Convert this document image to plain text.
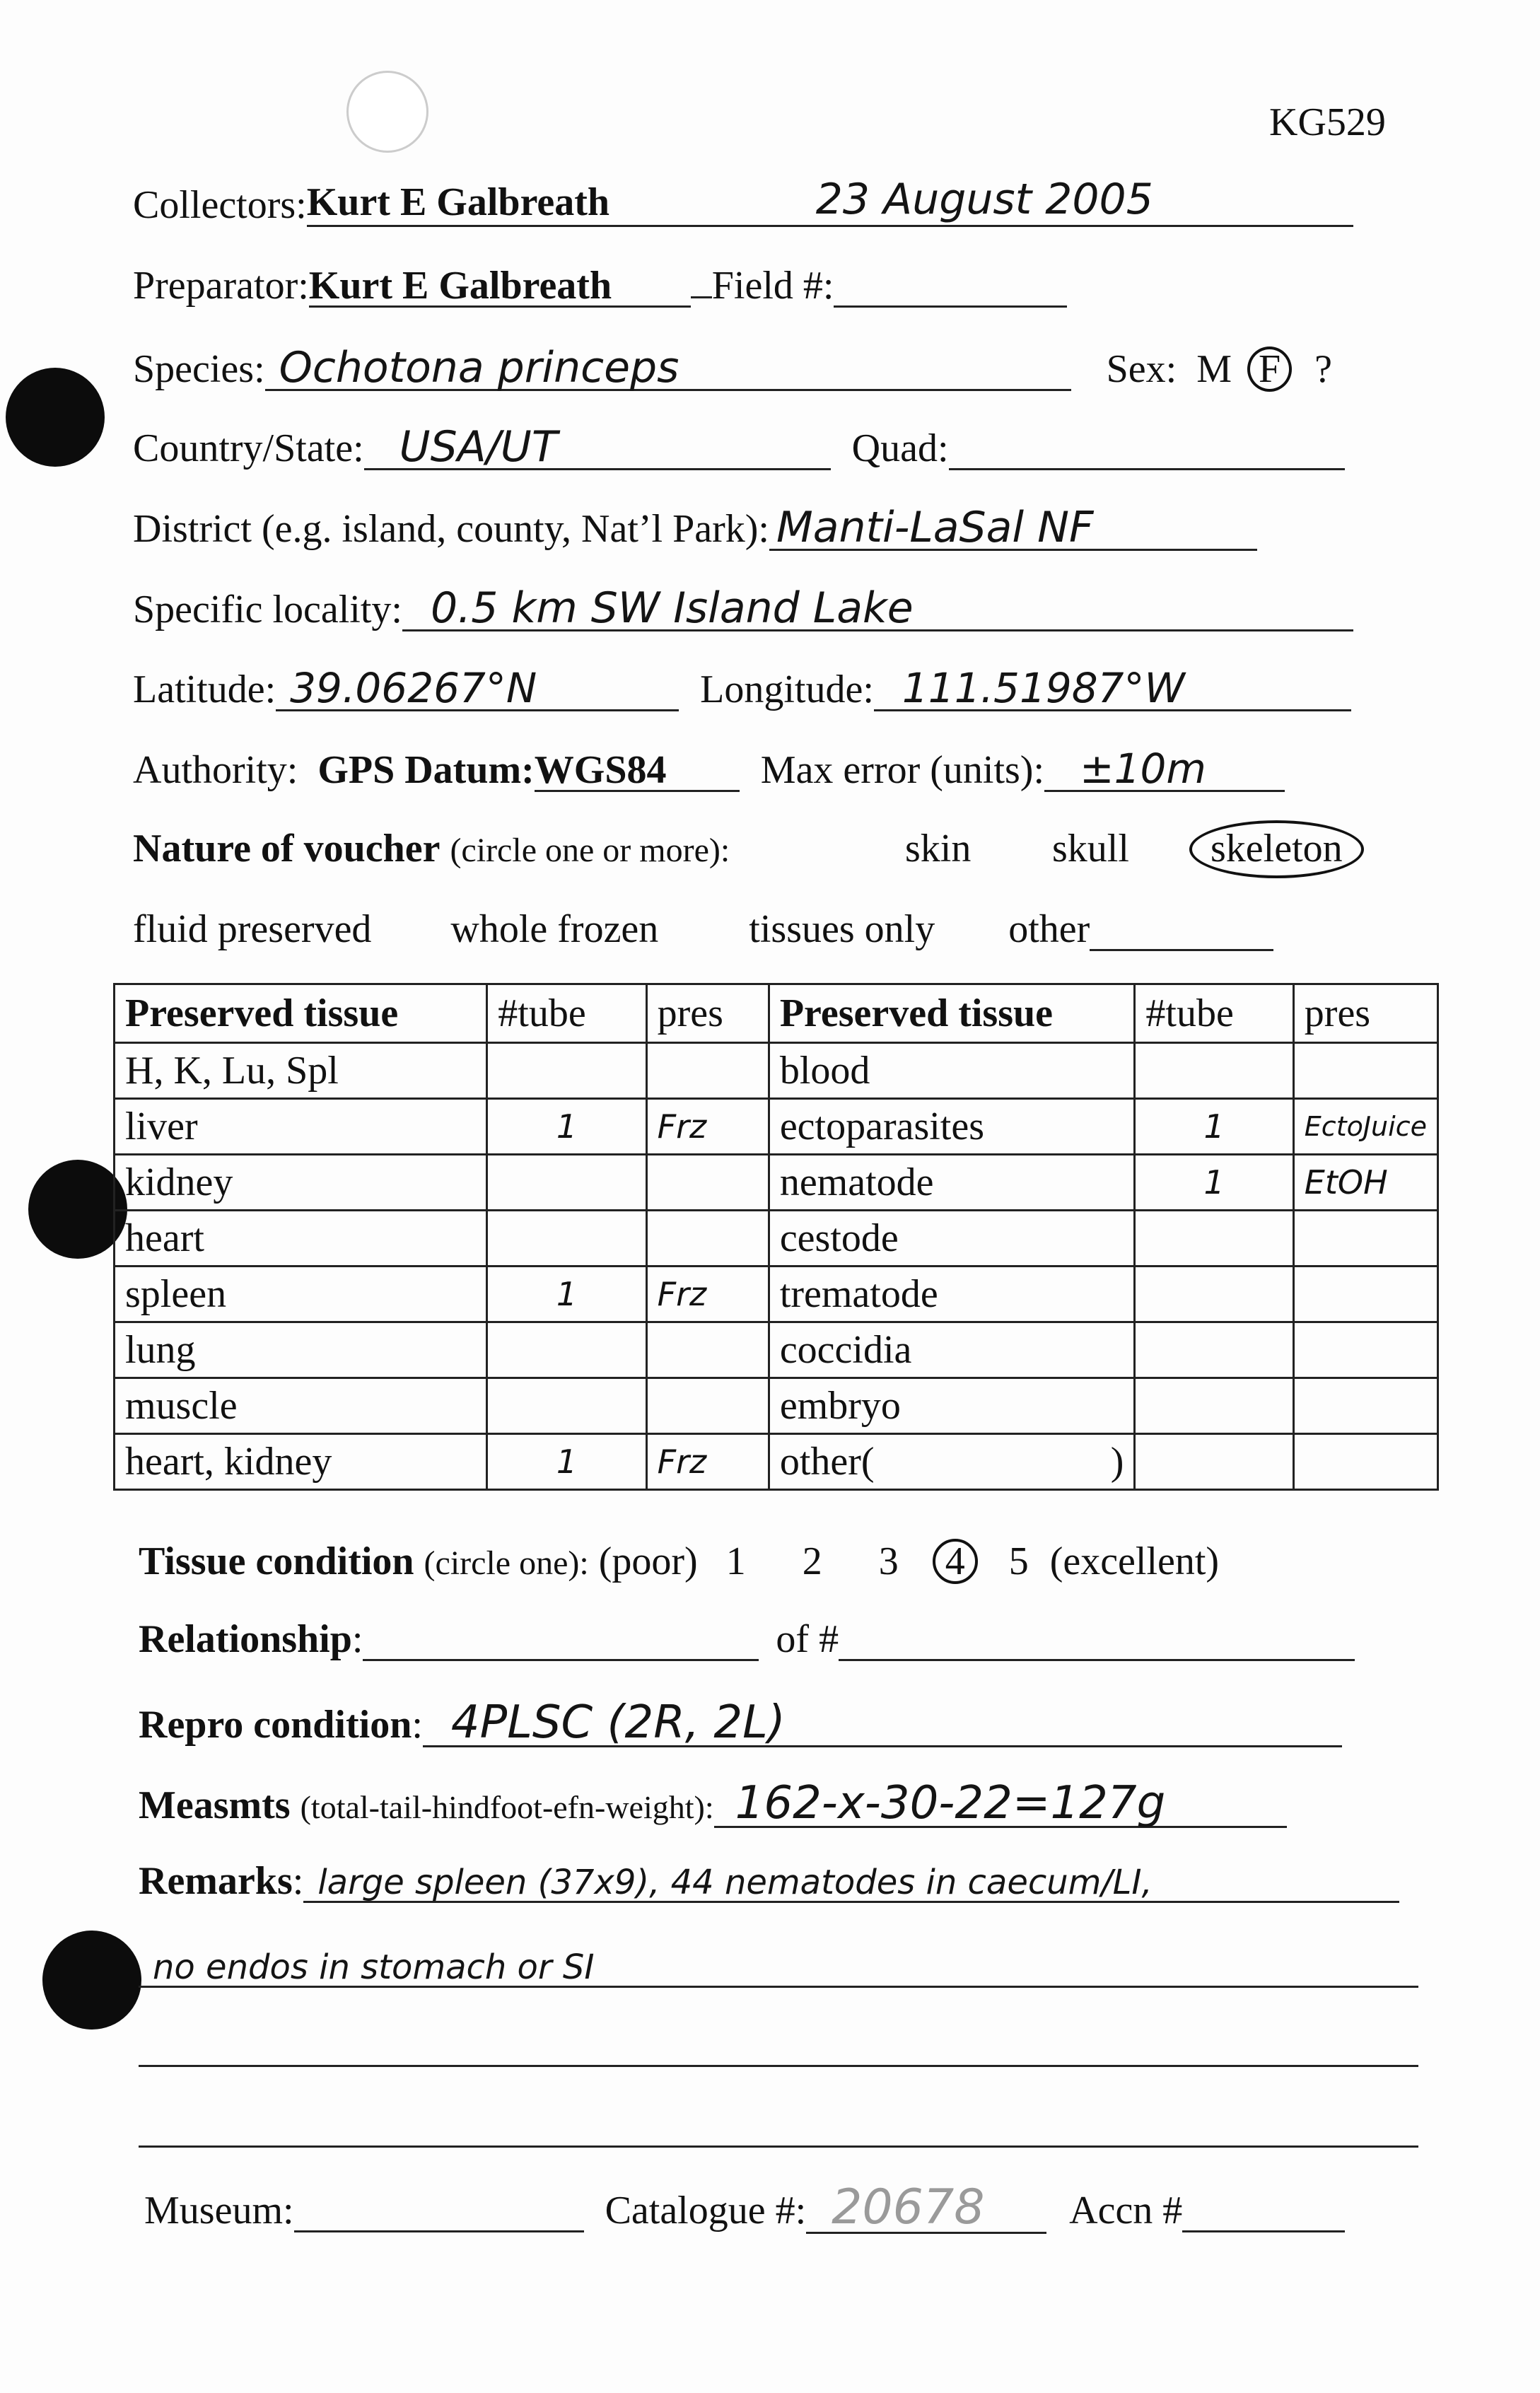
KG529
Collectors: Kurt E Galbreath	23 August 2005

Preparator:Kurt E Galbreath	Field #:
Species: Ochotona princeps	Sex: M F ?
Country/State: USA/UT	Quad:
District (e.g. island, county, Nat’l Park): Manti-LaSal NF
Specific locality: 0.5 km SW Island Lake
Latitude: 39.06267°N	Longitude: 111.51987°W
Authority: GPS Datum:WGS84 Max error (units): ±10m
Nature of voucher (circle one or more):	skin skull	skeleton
fluid preserved whole frozen tissues only other
Preserved tissue	#tube	pres	Preserved tissue	#tube	pres
H, K, Lu, Spl			blood		
liver	1	Frz	ectoparasites	1	EctoJuice
kidney			nematode	1	EtOH
heart			cestode		
spleen	1	Frz	trematode		
lung			coccidia		
muscle			embryo		
heart, kidney	1	Frz	other( )		

Tissue condition (circle one): (poor) 1 2 3 4 5 (excellent)
Relationship:	of #
Repro condition: 4PLSC (2R, 2L)
Measmts (total-tail-hindfoot-efn-weight): 162-x-30-22=127g
Remarks: large spleen (37x9), 44 nematodes in caecum/LI,
no endos in stomach or SI
Museum:	Catalogue #: 20678 Accn #
